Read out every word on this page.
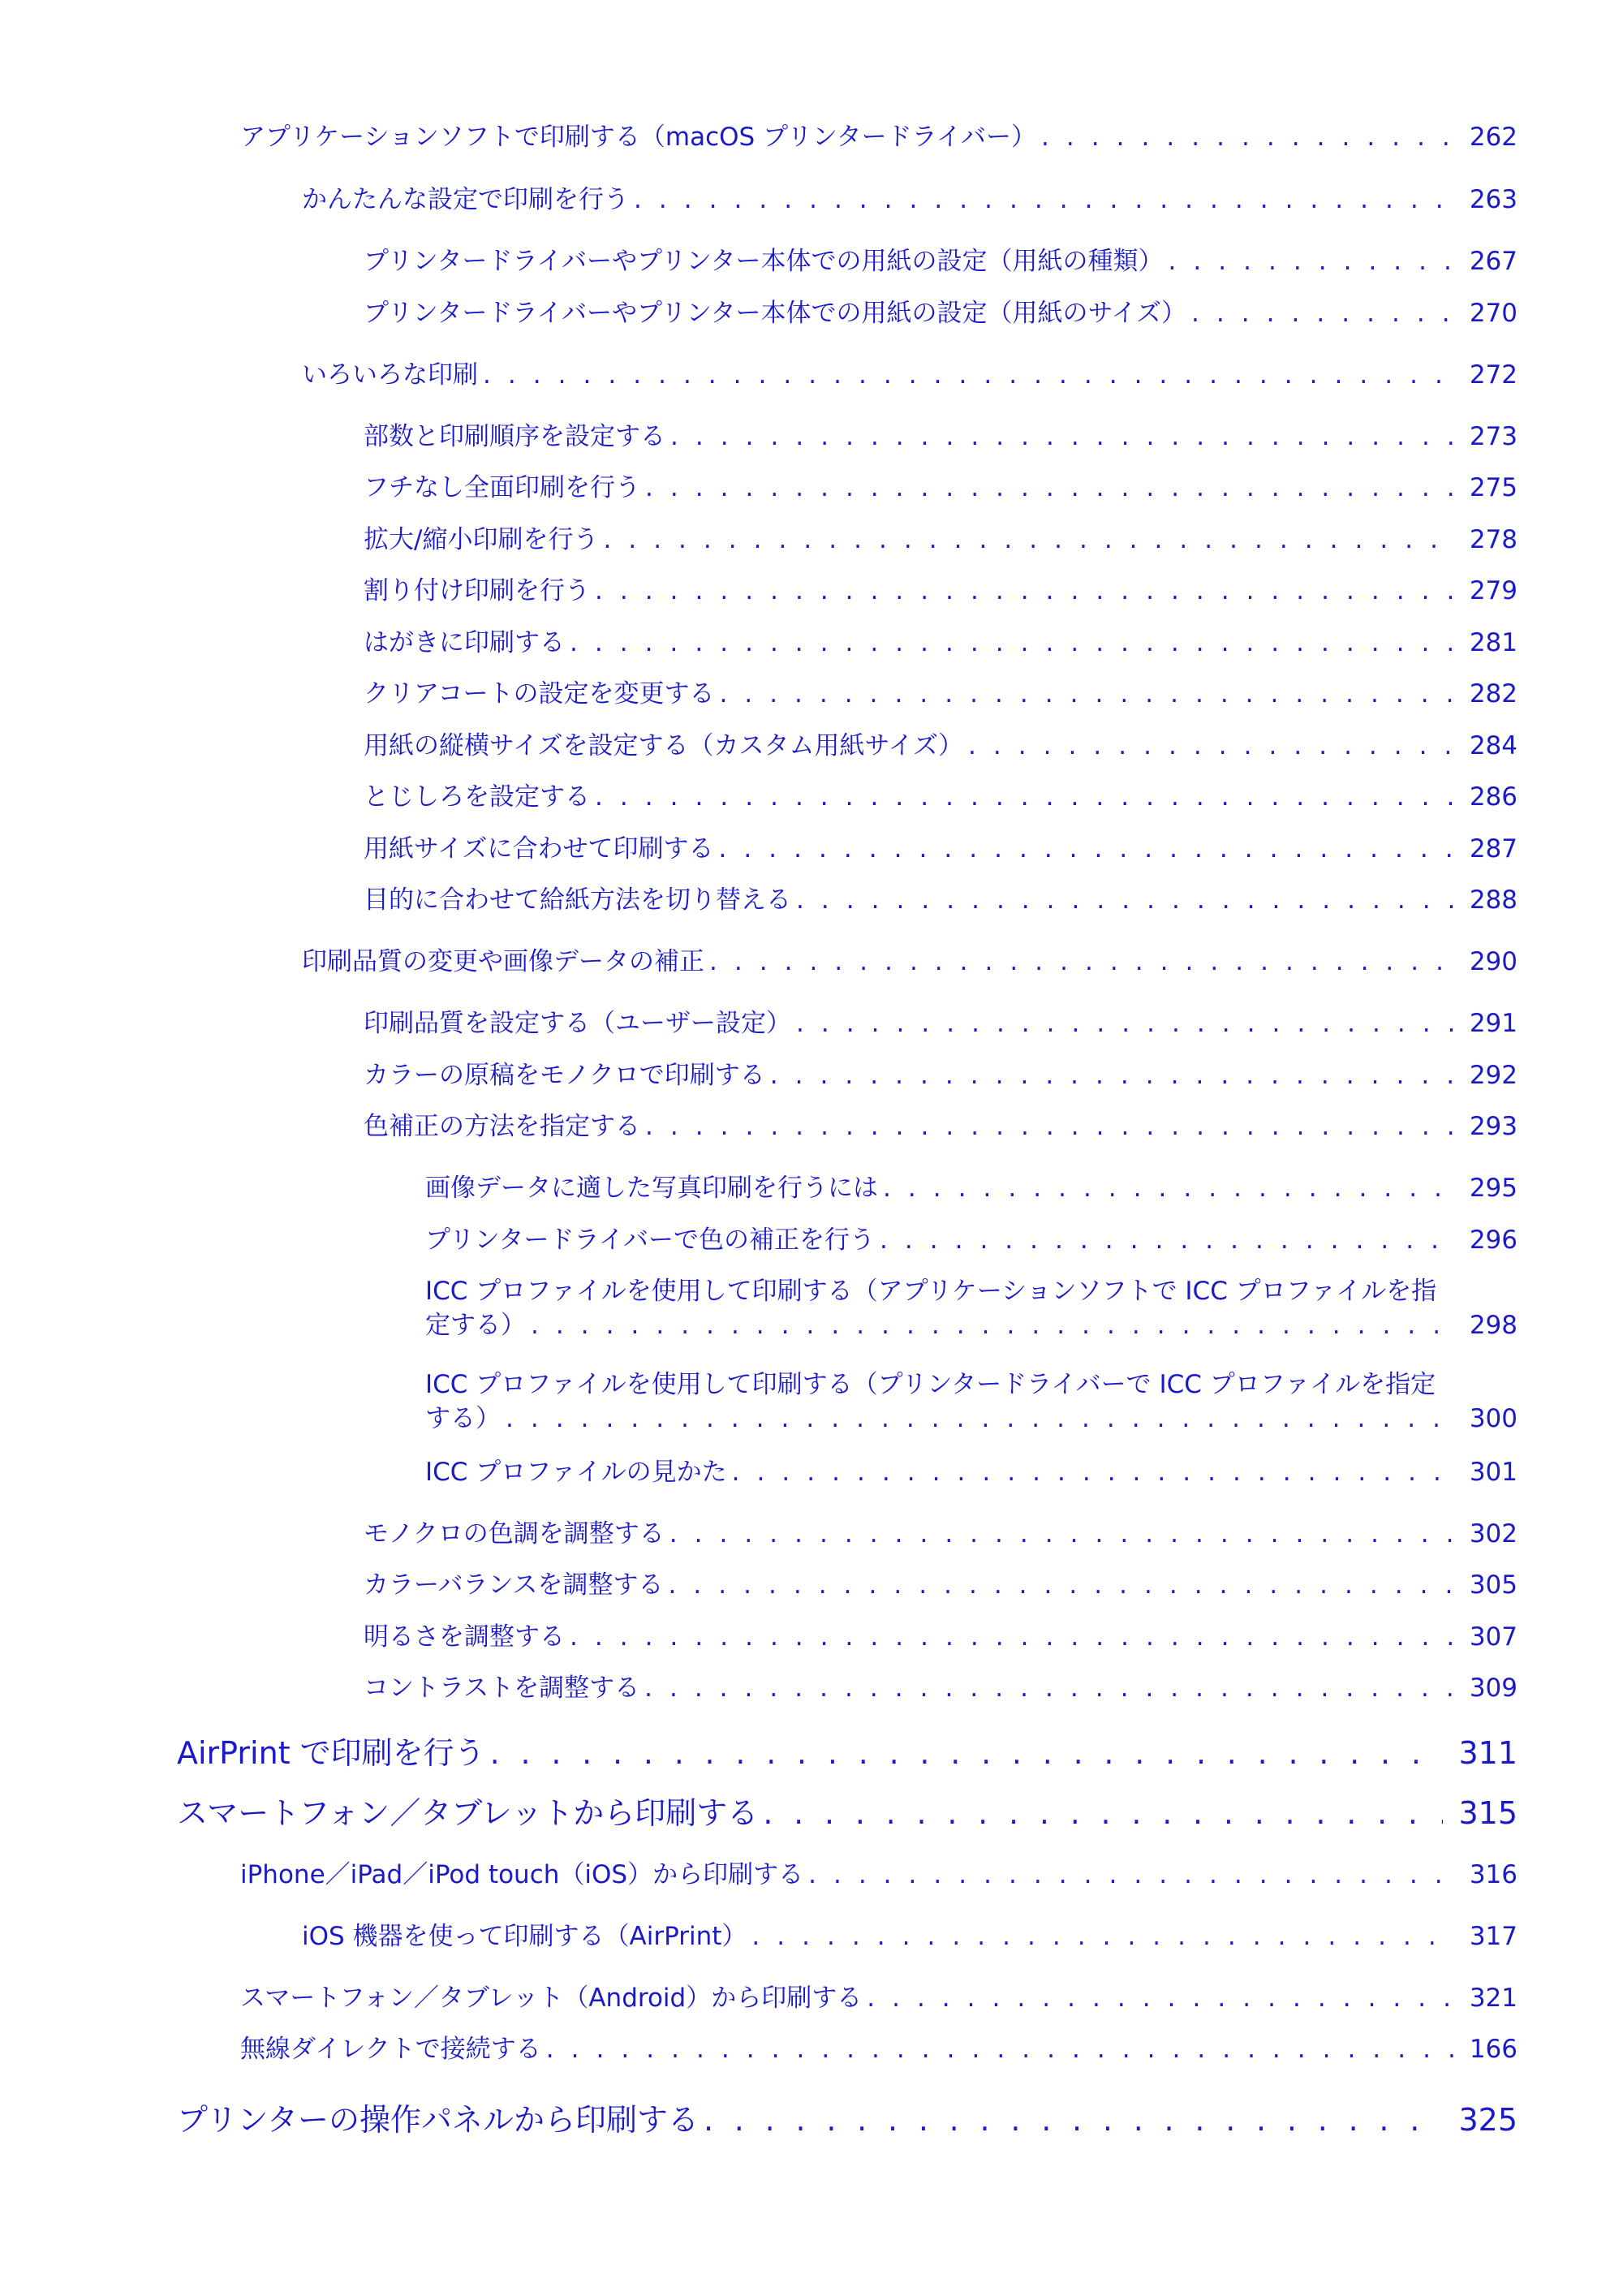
アプリケーションソフトで印刷する（macOS プリンタードライバー） . . .	262
かんたんな設定で印刷を行う . . .	263
プリンタードライバーやプリンター本体での用紙の設定（用紙の種類） . . .	267
プリンタードライバーやプリンター本体での用紙の設定（用紙のサイズ） . . .	270
いろいろな印刷 . . .	272
部数と印刷順序を設定する . . .	273
フチなし全面印刷を行う . . .	275
拡大/縮小印刷を行う . . .	278
割り付け印刷を行う . . .	279
はがきに印刷する . . .	281
クリアコートの設定を変更する . . .	282
用紙の縦横サイズを設定する（カスタム用紙サイズ） . . .	284
とじしろを設定する . . .	286
用紙サイズに合わせて印刷する . . .	287
目的に合わせて給紙方法を切り替える . . .	288
印刷品質の変更や画像データの補正 . . .	290
印刷品質を設定する（ユーザー設定） . . .	291
カラーの原稿をモノクロで印刷する . . .	292
色補正の方法を指定する . . .	293
画像データに適した写真印刷を行うには . . .	295
プリンタードライバーで色の補正を行う . . .	296
ICC プロファイルを使用して印刷する（アプリケーションソフトで ICC プロファイルを指
定する） . . .	298
ICC プロファイルを使用して印刷する（プリンタードライバーで ICC プロファイルを指定
する） . . .	300
ICC プロファイルの見かた . . .	301
モノクロの色調を調整する . . .	302
カラーバランスを調整する . . .	305
明るさを調整する . . .	307
コントラストを調整する . . .	309
AirPrint で印刷を行う . . .	311
スマートフォン／タブレットから印刷する . . .	315
iPhone／iPad／iPod touch（iOS）から印刷する . . .	316
iOS 機器を使って印刷する（AirPrint） . . .	317
スマートフォン／タブレット（Android）から印刷する . . .	321
無線ダイレクトで接続する . . .	166
プリンターの操作パネルから印刷する . . .	325
